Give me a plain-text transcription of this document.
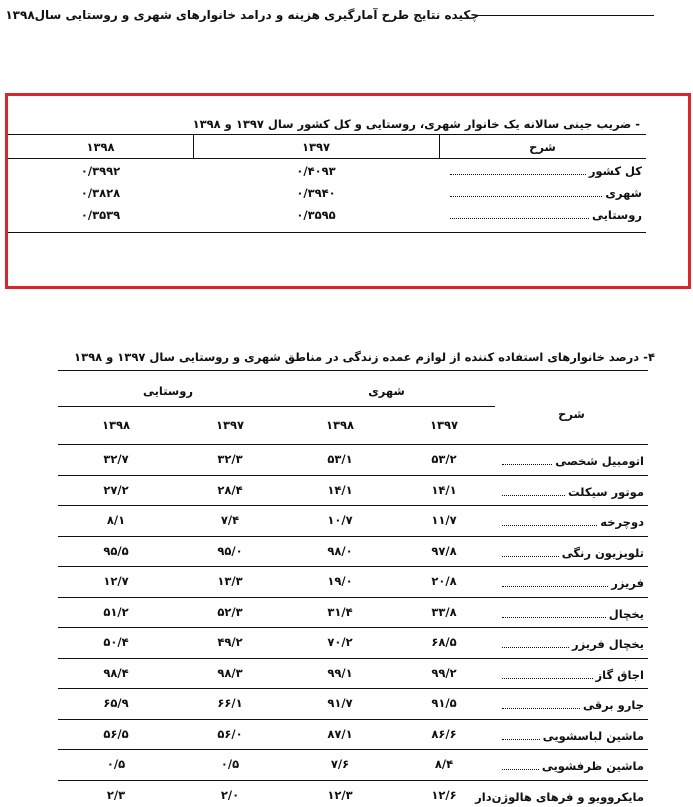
چکیده نتایج طرح آمارگیری هزینه و درامد خانوارهای شهری و روستایی سال۱۳۹۸
- ضریب جینی سالانه یک خانوار شهری، روستایی و کل کشور سال ۱۳۹۷ و ۱۳۹۸
شرح
۱۳۹۷
۱۳۹۸
کل کشور
۰/۴۰۹۳
۰/۳۹۹۲
شهری
۰/۳۹۴۰
۰/۳۸۲۸
روستایی
۰/۳۵۹۵
۰/۳۵۳۹
۴- درصد خانوارهای استفاده کننده از لوازم عمده زندگی در مناطق شهری و روستایی سال ۱۳۹۷ و ۱۳۹۸
شرح
شهری
روستایی
۱۳۹۷
۱۳۹۸
۱۳۹۷
۱۳۹۸
اتومبیل شخصی
۵۳/۲
۵۳/۱
۳۲/۳
۳۲/۷
موتور سیکلت
۱۴/۱
۱۴/۱
۲۸/۴
۲۷/۲
دوچرخه
۱۱/۷
۱۰/۷
۷/۴
۸/۱
تلویزیون رنگی
۹۷/۸
۹۸/۰
۹۵/۰
۹۵/۵
فریزر
۲۰/۸
۱۹/۰
۱۳/۳
۱۲/۷
یخچال
۳۳/۸
۳۱/۴
۵۲/۳
۵۱/۲
یخچال فریزر
۶۸/۵
۷۰/۲
۴۹/۲
۵۰/۴
اجاق گاز
۹۹/۲
۹۹/۱
۹۸/۳
۹۸/۴
جارو برقی
۹۱/۵
۹۱/۷
۶۶/۱
۶۵/۹
ماشین لباسشویی
۸۶/۶
۸۷/۱
۵۶/۰
۵۶/۵
ماشین ظرفشویی
۸/۴
۷/۶
۰/۵
۰/۵
مایکروویو و فرهای هالوژن‌دار
۱۲/۶
۱۲/۳
۲/۰
۲/۳
